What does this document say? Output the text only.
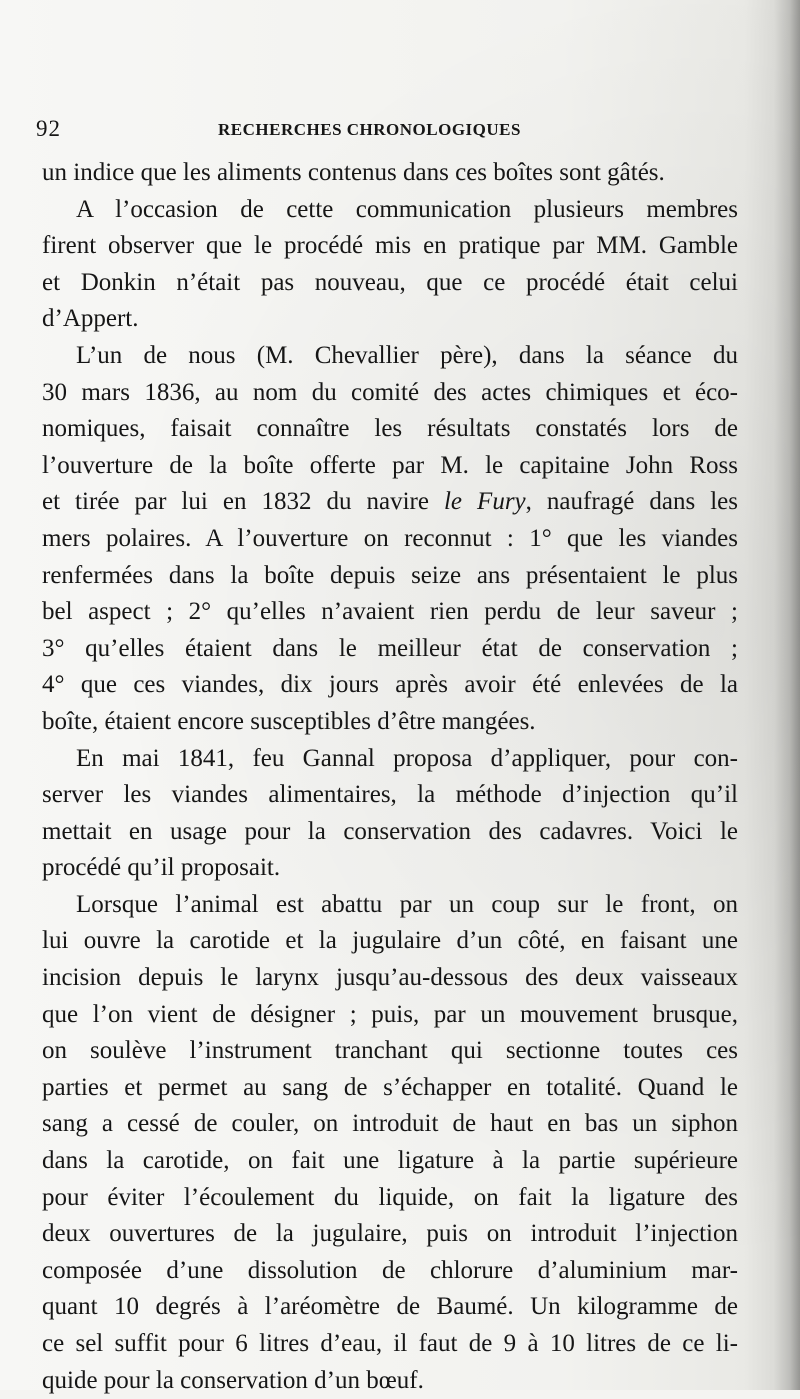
92	RECHERCHES CHRONOLOGIQUES
un indice que les aliments contenus dans ces boîtes sont gâtés.
A l’occasion de cette communication plusieurs membres
firent observer que le procédé mis en pratique par MM. Gamble
et Donkin n’était pas nouveau, que ce procédé était celui
d’Appert.
L’un de nous (M. Chevallier père), dans la séance du
30 mars 1836, au nom du comité des actes chimiques et éco-
nomiques, faisait connaître les résultats constatés lors de
l’ouverture de la boîte offerte par M. le capitaine John Ross
et tirée par lui en 1832 du navire le Fury, naufragé dans les
mers polaires. A l’ouverture on reconnut : 1° que les viandes
renfermées dans la boîte depuis seize ans présentaient le plus
bel aspect ; 2° qu’elles n’avaient rien perdu de leur saveur ;
3° qu’elles étaient dans le meilleur état de conservation ;
4° que ces viandes, dix jours après avoir été enlevées de la
boîte, étaient encore susceptibles d’être mangées.
En mai 1841, feu Gannal proposa d’appliquer, pour con-
server les viandes alimentaires, la méthode d’injection qu’il
mettait en usage pour la conservation des cadavres. Voici le
procédé qu’il proposait.
Lorsque l’animal est abattu par un coup sur le front, on
lui ouvre la carotide et la jugulaire d’un côté, en faisant une
incision depuis le larynx jusqu’au-dessous des deux vaisseaux
que l’on vient de désigner ; puis, par un mouvement brusque,
on soulève l’instrument tranchant qui sectionne toutes ces
parties et permet au sang de s’échapper en totalité. Quand le
sang a cessé de couler, on introduit de haut en bas un siphon
dans la carotide, on fait une ligature à la partie supérieure
pour éviter l’écoulement du liquide, on fait la ligature des
deux ouvertures de la jugulaire, puis on introduit l’injection
composée d’une dissolution de chlorure d’aluminium mar-
quant 10 degrés à l’aréomètre de Baumé. Un kilogramme de
ce sel suffit pour 6 litres d’eau, il faut de 9 à 10 litres de ce li-
quide pour la conservation d’un bœuf.
